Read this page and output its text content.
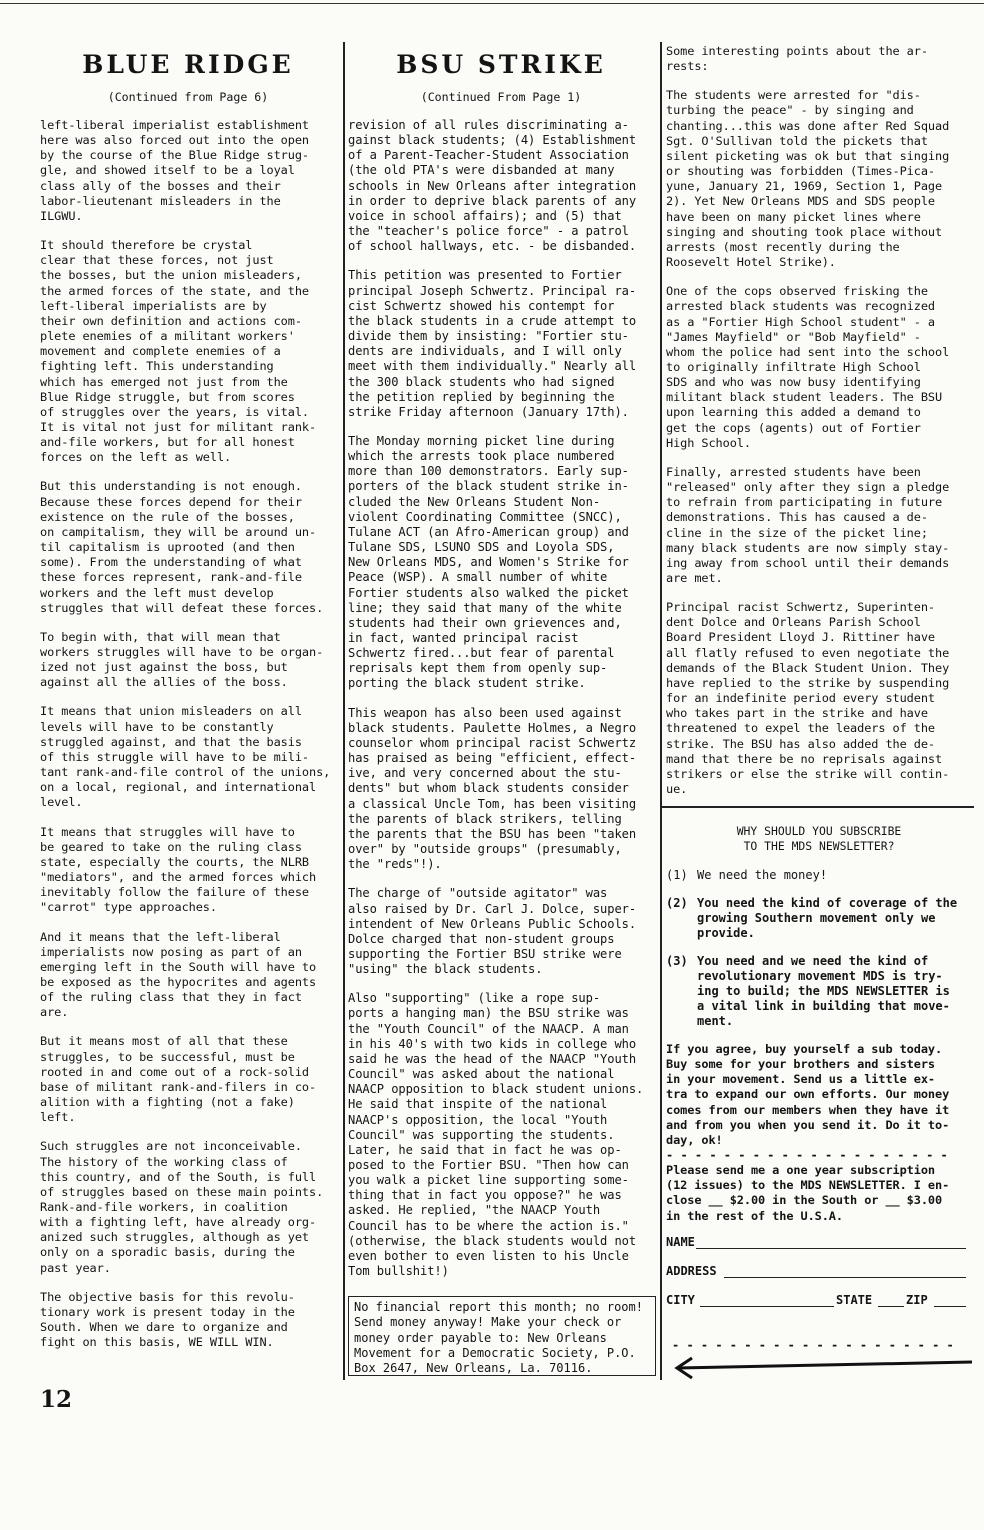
BLUE RIDGE
(Continued from Page 6)

left-liberal imperialist establishment
here was also forced out into the open
by the course of the Blue Ridge strug-
gle, and showed itself to be a loyal
class ally of the bosses and their
labor-lieutenant misleaders in the
ILGWU.

It should therefore be crystal
clear that these forces, not just
the bosses, but the union misleaders,
the armed forces of the state, and the
left-liberal imperialists are by
their own definition and actions com-
plete enemies of a militant workers'
movement and complete enemies of a
fighting left. This understanding
which has emerged not just from the
Blue Ridge struggle, but from scores
of struggles over the years, is vital.
It is vital not just for militant rank-
and-file workers, but for all honest
forces on the left as well.

But this understanding is not enough.
Because these forces depend for their
existence on the rule of the bosses,
on campitalism, they will be around un-
til capitalism is uprooted (and then
some). From the understanding of what
these forces represent, rank-and-file
workers and the left must develop
struggles that will defeat these forces.

To begin with, that will mean that
workers struggles will have to be organ-
ized not just against the boss, but
against all the allies of the boss.

It means that union misleaders on all
levels will have to be constantly
struggled against, and that the basis
of this struggle will have to be mili-
tant rank-and-file control of the unions,
on a local, regional, and international
level.

It means that struggles will have to
be geared to take on the ruling class
state, especially the courts, the NLRB
"mediators", and the armed forces which
inevitably follow the failure of these
"carrot" type approaches.

And it means that the left-liberal
imperialists now posing as part of an
emerging left in the South will have to
be exposed as the hypocrites and agents
of the ruling class that they in fact
are.

But it means most of all that these
struggles, to be successful, must be
rooted in and come out of a rock-solid
base of militant rank-and-filers in co-
alition with a fighting (not a fake)
left.

Such struggles are not inconceivable.
The history of the working class of
this country, and of the South, is full
of struggles based on these main points.
Rank-and-file workers, in coalition
with a fighting left, have already org-
anized such struggles, although as yet
only on a sporadic basis, during the
past year.

The objective basis for this revolu-
tionary work is present today in the
South. When we dare to organize and
fight on this basis, WE WILL WIN.

BSU STRIKE
(Continued From Page 1)

revision of all rules discriminating a-
gainst black students; (4) Establishment
of a Parent-Teacher-Student Association
(the old PTA's were disbanded at many
schools in New Orleans after integration
in order to deprive black parents of any
voice in school affairs); and (5) that
the "teacher's police force" - a patrol
of school hallways, etc. - be disbanded.

This petition was presented to Fortier
principal Joseph Schwertz. Principal ra-
cist Schwertz showed his contempt for
the black students in a crude attempt to
divide them by insisting: "Fortier stu-
dents are individuals, and I will only
meet with them individually." Nearly all
the 300 black students who had signed
the petition replied by beginning the
strike Friday afternoon (January 17th).

The Monday morning picket line during
which the arrests took place numbered
more than 100 demonstrators. Early sup-
porters of the black student strike in-
cluded the New Orleans Student Non-
violent Coordinating Committee (SNCC),
Tulane ACT (an Afro-American group) and
Tulane SDS, LSUNO SDS and Loyola SDS,
New Orleans MDS, and Women's Strike for
Peace (WSP). A small number of white
Fortier students also walked the picket
line; they said that many of the white
students had their own grievences and,
in fact, wanted principal racist
Schwertz fired...but fear of parental
reprisals kept them from openly sup-
porting the black student strike.

This weapon has also been used against
black students. Paulette Holmes, a Negro
counselor whom principal racist Schwertz
has praised as being "efficient, effect-
ive, and very concerned about the stu-
dents" but whom black students consider
a classical Uncle Tom, has been visiting
the parents of black strikers, telling
the parents that the BSU has been "taken
over" by "outside groups" (presumably,
the "reds"!).

The charge of "outside agitator" was
also raised by Dr. Carl J. Dolce, super-
intendent of New Orleans Public Schools.
Dolce charged that non-student groups
supporting the Fortier BSU strike were
"using" the black students.

Also "supporting" (like a rope sup-
ports a hanging man) the BSU strike was
the "Youth Council" of the NAACP. A man
in his 40's with two kids in college who
said he was the head of the NAACP "Youth
Council" was asked about the national
NAACP opposition to black student unions.
He said that inspite of the national
NAACP's opposition, the local "Youth
Council" was supporting the students.
Later, he said that in fact he was op-
posed to the Fortier BSU. "Then how can
you walk a picket line supporting some-
thing that in fact you oppose?" he was
asked. He replied, "the NAACP Youth
Council has to be where the action is."
(otherwise, the black students would not
even bother to even listen to his Uncle
Tom bullshit!)

No financial report this month; no room!
Send money anyway! Make your check or
money order payable to: New Orleans
Movement for a Democratic Society, P.O.
Box 2647, New Orleans, La. 70116.

Some interesting points about the ar-
rests:

The students were arrested for "dis-
turbing the peace" - by singing and
chanting...this was done after Red Squad
Sgt. O'Sullivan told the pickets that
silent picketing was ok but that singing
or shouting was forbidden (Times-Pica-
yune, January 21, 1969, Section 1, Page
2). Yet New Orleans MDS and SDS people
have been on many picket lines where
singing and shouting took place without
arrests (most recently during the
Roosevelt Hotel Strike).

One of the cops observed frisking the
arrested black students was recognized
as a "Fortier High School student" - a
"James Mayfield" or "Bob Mayfield" -
whom the police had sent into the school
to originally infiltrate High School
SDS and who was now busy identifying
militant black student leaders. The BSU
upon learning this added a demand to
get the cops (agents) out of Fortier
High School.

Finally, arrested students have been
"released" only after they sign a pledge
to refrain from participating in future
demonstrations. This has caused a de-
cline in the size of the picket line;
many black students are now simply stay-
ing away from school until their demands
are met.

Principal racist Schwertz, Superinten-
dent Dolce and Orleans Parish School
Board President Lloyd J. Rittiner have
all flatly refused to even negotiate the
demands of the Black Student Union. They
have replied to the strike by suspending
for an indefinite period every student
who takes part in the strike and have
threatened to expel the leaders of the
strike. The BSU has also added the de-
mand that there be no reprisals against
strikers or else the strike will contin-
ue.

WHY SHOULD YOU SUBSCRIBE
TO THE MDS NEWSLETTER?
(1) We need the money!
(2) You need the kind of coverage of the
growing Southern movement only we
provide.
(3) You need and we need the kind of
revolutionary movement MDS is try-
ing to build; the MDS NEWSLETTER is
a vital link in building that move-
ment.

If you agree, buy yourself a sub today.
Buy some for your brothers and sisters
in your movement. Send us a little ex-
tra to expand our own efforts. Our money
comes from our members when they have it
and from you when you send it. Do it to-
day, ok!

- - - - - - - - - - - - - - - - - - - -

Please send me a one year subscription
(12 issues) to the MDS NEWSLETTER. I en-
close __ $2.00 in the South or __ $3.00
in the rest of the U.S.A.

NAME
ADDRESS
CITY	STATE	ZIP
- - - - - - - - - - - - - - - - - - - -
12
